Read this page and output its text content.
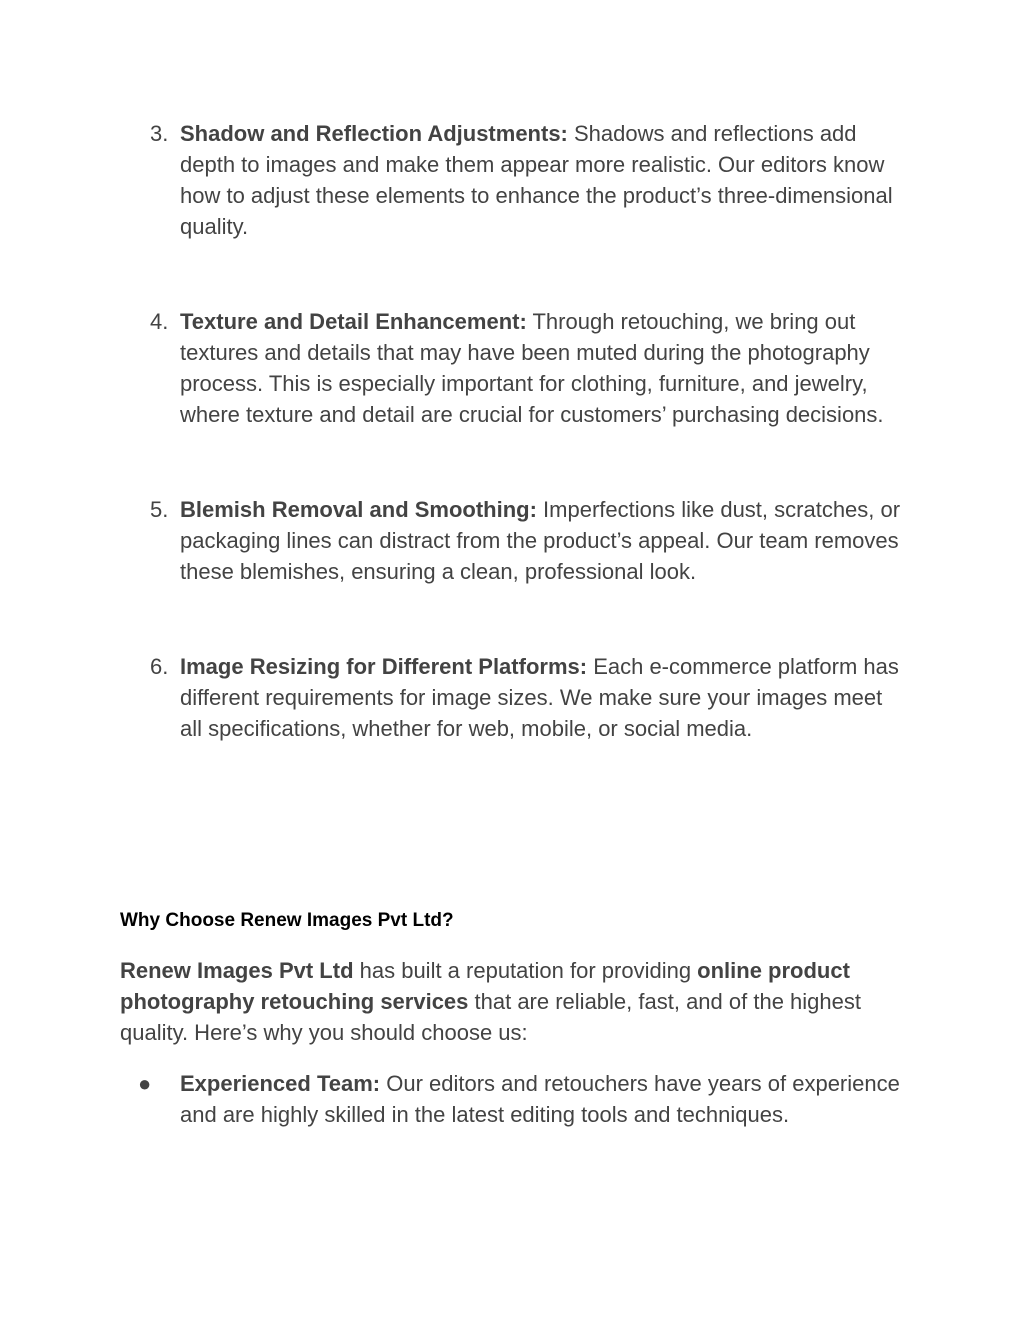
3. Shadow and Reflection Adjustments: Shadows and reflections add depth to images and make them appear more realistic. Our editors know how to adjust these elements to enhance the product’s three-dimensional quality.
4. Texture and Detail Enhancement: Through retouching, we bring out textures and details that may have been muted during the photography process. This is especially important for clothing, furniture, and jewelry, where texture and detail are crucial for customers’ purchasing decisions.
5. Blemish Removal and Smoothing: Imperfections like dust, scratches, or packaging lines can distract from the product’s appeal. Our team removes these blemishes, ensuring a clean, professional look.
6. Image Resizing for Different Platforms: Each e-commerce platform has different requirements for image sizes. We make sure your images meet all specifications, whether for web, mobile, or social media.
Why Choose Renew Images Pvt Ltd?

Renew Images Pvt Ltd has built a reputation for providing online product photography retouching services that are reliable, fast, and of the highest quality. Here’s why you should choose us:

● Experienced Team: Our editors and retouchers have years of experience and are highly skilled in the latest editing tools and techniques.
